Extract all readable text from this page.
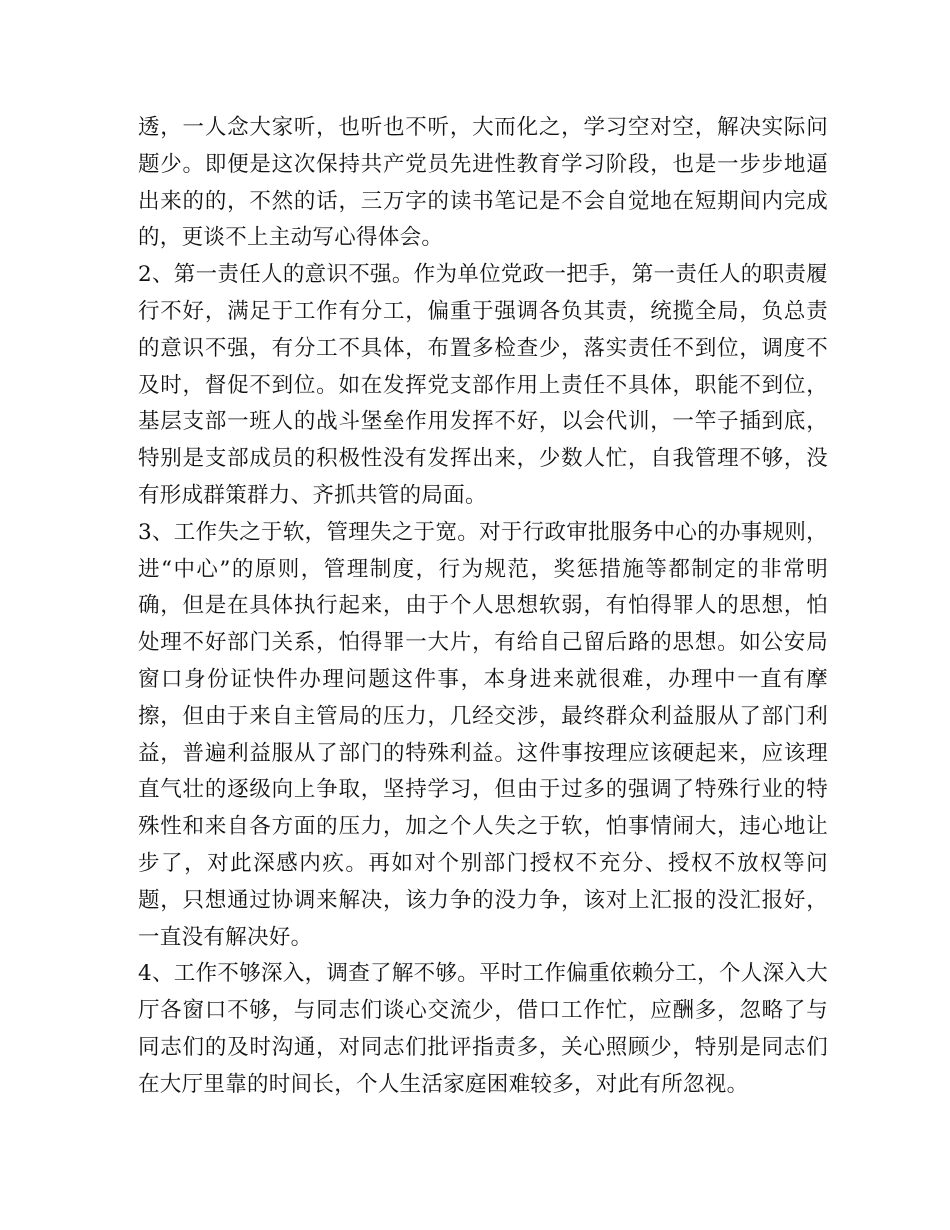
透，一人念大家听，也听也不听，大而化之，学习空对空，解决实际问题少。即便是这次保持共产党员先进性教育学习阶段，也是一步步地逼出来的的，不然的话，三万字的读书笔记是不会自觉地在短期间内完成的，更谈不上主动写心得体会。

2、第一责任人的意识不强。作为单位党政一把手，第一责任人的职责履行不好，满足于工作有分工，偏重于强调各负其责，统揽全局，负总责的意识不强，有分工不具体，布置多检查少，落实责任不到位，调度不及时，督促不到位。如在发挥党支部作用上责任不具体，职能不到位，基层支部一班人的战斗堡垒作用发挥不好，以会代训，一竿子插到底，特别是支部成员的积极性没有发挥出来，少数人忙，自我管理不够，没有形成群策群力、齐抓共管的局面。

3、工作失之于软，管理失之于宽。对于行政审批服务中心的办事规则，进“中心”的原则，管理制度，行为规范，奖惩措施等都制定的非常明确，但是在具体执行起来，由于个人思想软弱，有怕得罪人的思想，怕处理不好部门关系，怕得罪一大片，有给自己留后路的思想。如公安局窗口身份证快件办理问题这件事，本身进来就很难，办理中一直有摩擦，但由于来自主管局的压力，几经交涉，最终群众利益服从了部门利益，普遍利益服从了部门的特殊利益。这件事按理应该硬起来，应该理直气壮的逐级向上争取，坚持学习，但由于过多的强调了特殊行业的特殊性和来自各方面的压力，加之个人失之于软，怕事情闹大，违心地让步了，对此深感内疚。再如对个别部门授权不充分、授权不放权等问题，只想通过协调来解决，该力争的没力争，该对上汇报的没汇报好，一直没有解决好。

4、工作不够深入，调查了解不够。平时工作偏重依赖分工，个人深入大厅各窗口不够，与同志们谈心交流少，借口工作忙，应酬多，忽略了与同志们的及时沟通，对同志们批评指责多，关心照顾少，特别是同志们在大厅里靠的时间长，个人生活家庭困难较多，对此有所忽视。
